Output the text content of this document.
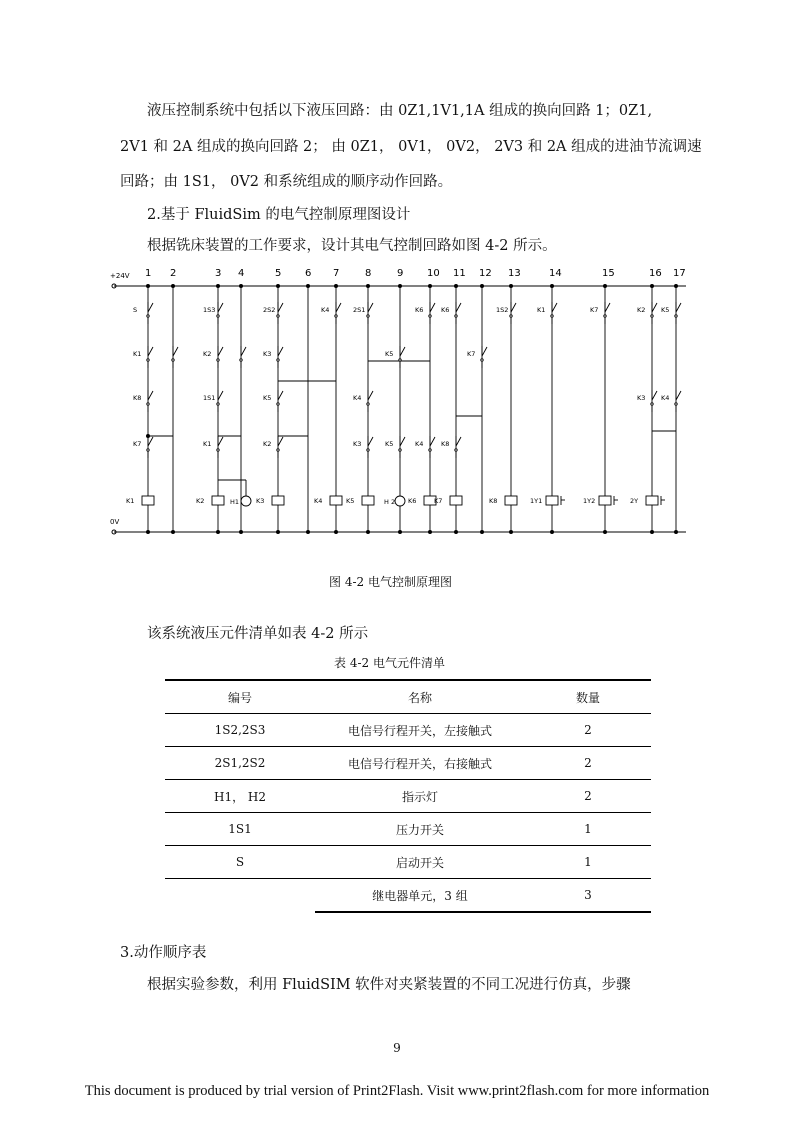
液压控制系统中包括以下液压回路：由 0Z1,1V1,1A 组成的换向回路 1；0Z1,
2V1 和 2A 组成的换向回路 2； 由 0Z1， 0V1， 0V2， 2V3 和 2A 组成的进油节流调速
回路；由 1S1， 0V2 和系统组成的顺序动作回路。
2.基于 FluidSim 的电气控制原理图设计
根据铣床装置的工作要求，设计其电气控制回路如图 4-2 所示。
+24V
0V
1 2	3 4	5 6 7	8	9 10 11 12 13	14	15	16 17
S
K1
K8
K7
K1
1S3
K2
1S1
K1
K2	H1
2S2
K3
K5
K2
K3
K4
K4
2S1
K4
K5
K3	K5
K5	H 2
K6
K4
K6
K6
K7
K8
K7
1S2
K8
K1
1Y1
K7
1Y2
K2
K3
2Y
K5
K4
图 4-2 电气控制原理图
该系统液压元件清单如表 4-2 所示
表 4-2 电气元件清单
编号	名称	数量
1S2,2S3	电信号行程开关，左接触式	2
2S1,2S2	电信号行程开关，右接触式	2
H1， H2	指示灯	2
1S1	压力开关	1
S	启动开关	1
	继电器单元，3 组	3
3.动作顺序表
根据实验参数，利用 FluidSIM 软件对夹紧装置的不同工况进行仿真，步骤
9
This document is produced by trial version of Print2Flash. Visit www.print2flash.com for more information
